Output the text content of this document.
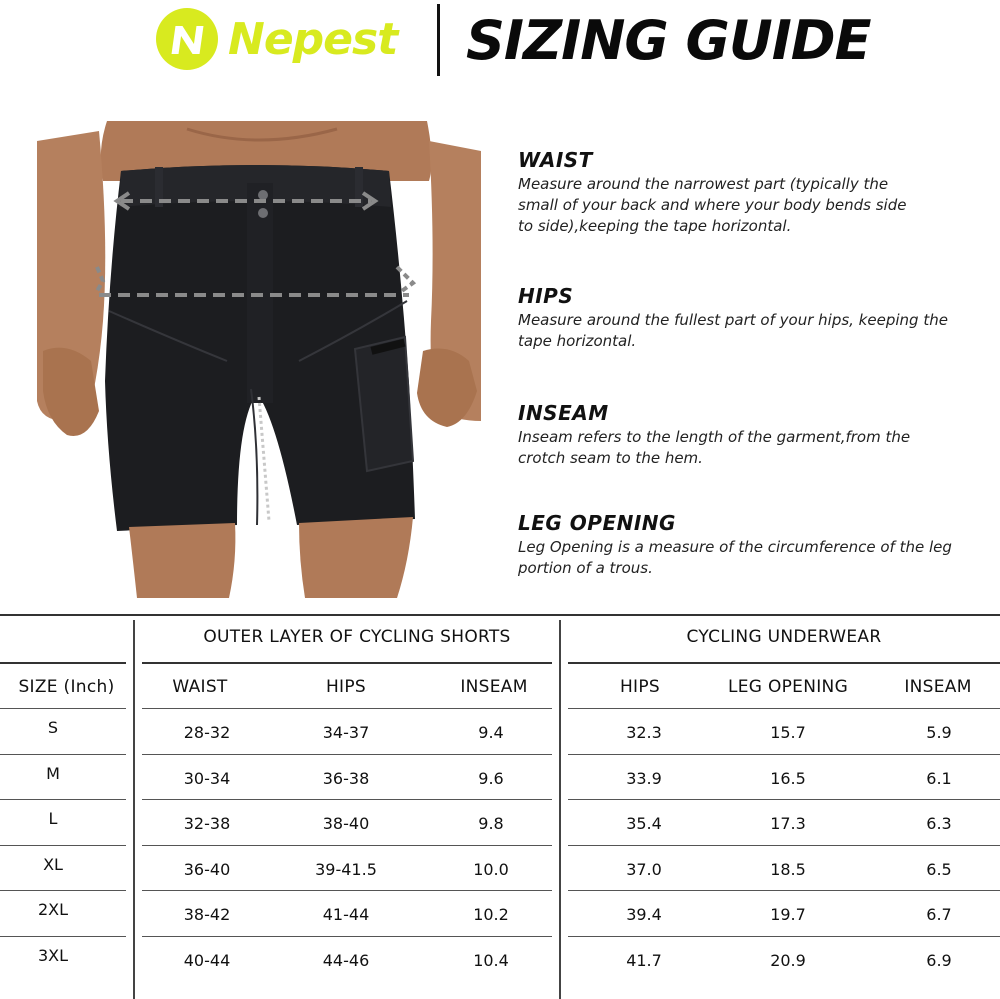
Nepest SIZING GUIDE
WAIST

Measure around the narrowest part (typically the small of your back and where your body bends side to side),keeping the tape horizontal.

HIPS

Measure around the fullest part of your hips, keeping the tape horizontal.

INSEAM

Inseam refers to the length of the garment,from the crotch seam to the hem.

LEG OPENING

Leg Opening is a measure of the circumference of the leg portion of a trous.

OUTER LAYER OF CYCLING SHORTS	CYCLING UNDERWEAR
SIZE (Inch)	WAIST	HIPS	INSEAM	HIPS	LEG OPENING	INSEAM
S	28-32	34-37	9.4	32.3	15.7	5.9
M	30-34	36-38	9.6	33.9	16.5	6.1
L	32-38	38-40	9.8	35.4	17.3	6.3
XL	36-40	39-41.5	10.0	37.0	18.5	6.5
2XL	38-42	41-44	10.2	39.4	19.7	6.7
3XL	40-44	44-46	10.4	41.7	20.9	6.9
